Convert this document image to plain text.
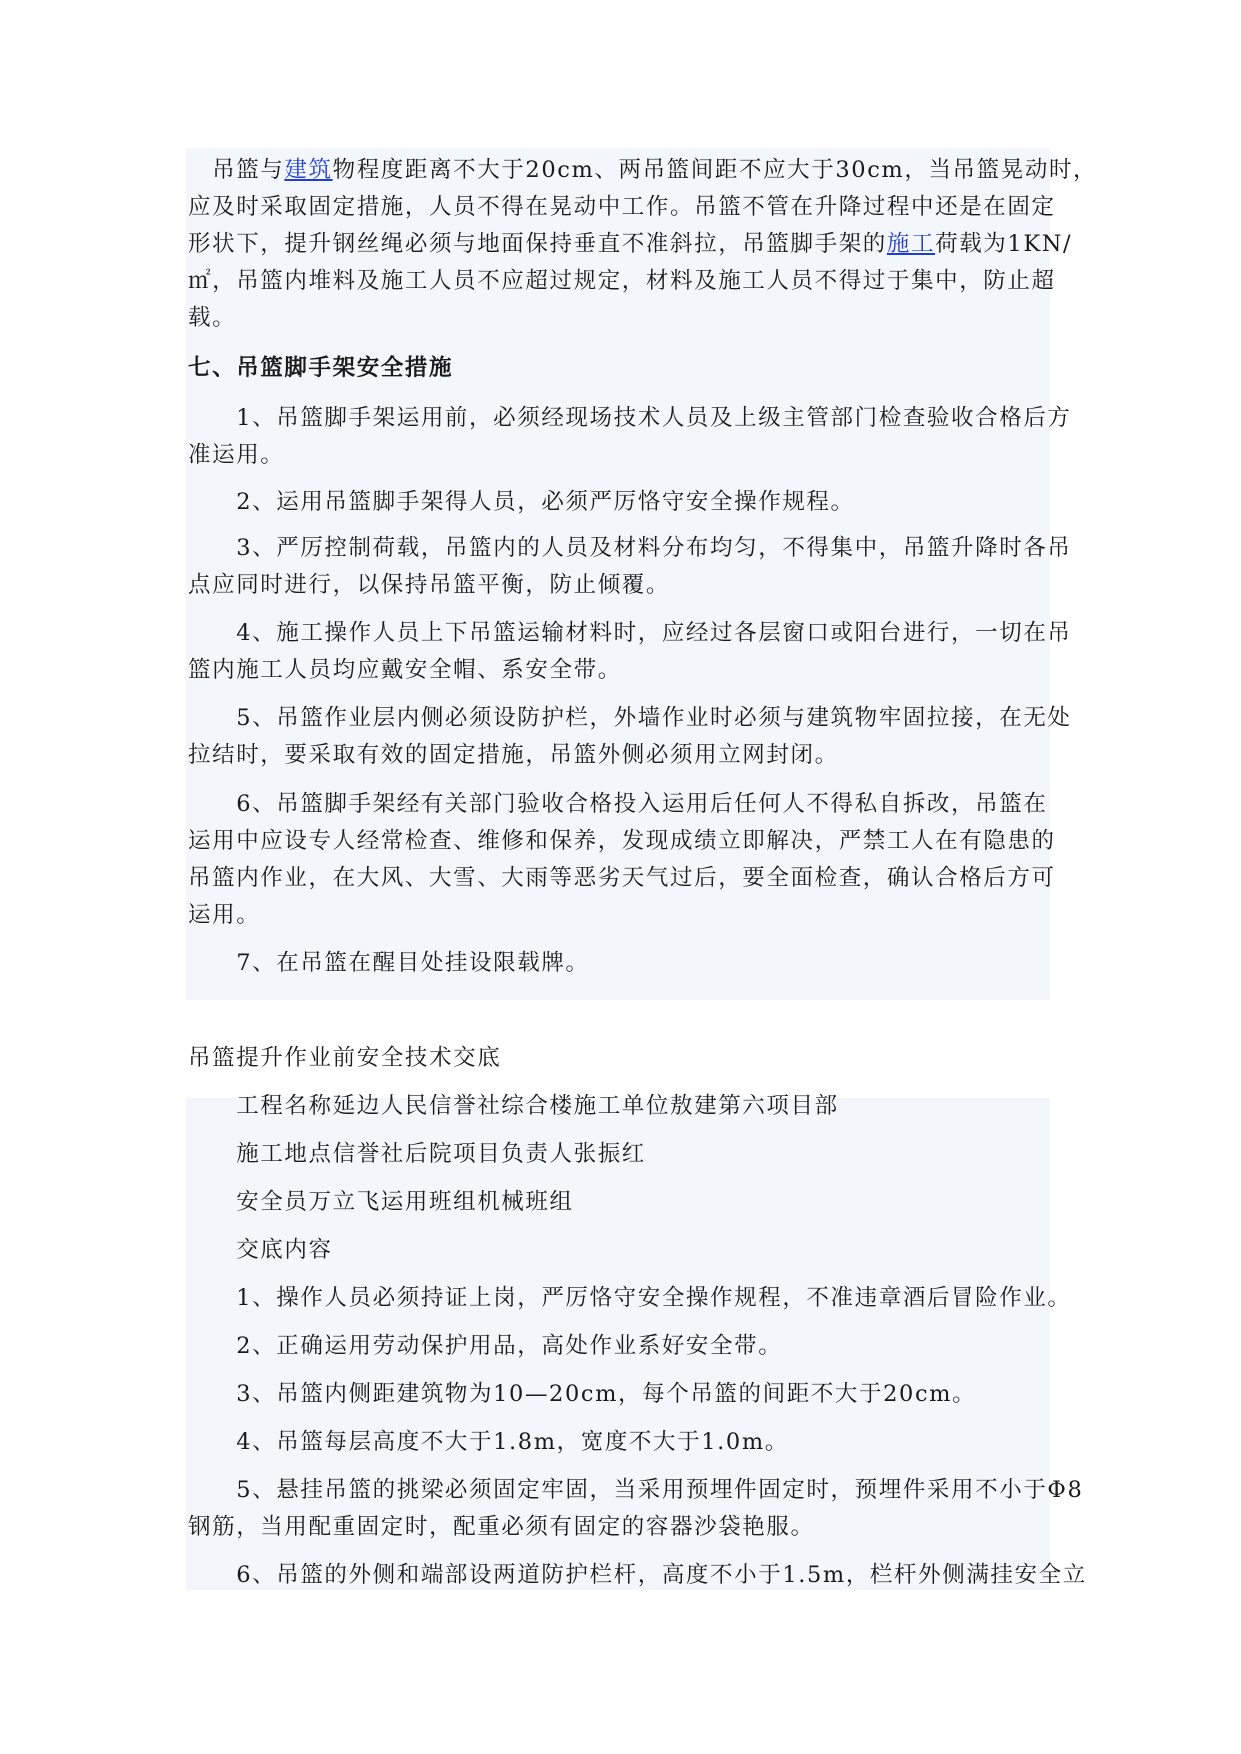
　吊篮与建筑物程度距离不大于20cm、两吊篮间距不应大于30cm，当吊篮晃动时，
应及时采取固定措施，人员不得在晃动中工作。吊篮不管在升降过程中还是在固定
形状下，提升钢丝绳必须与地面保持垂直不准斜拉，吊篮脚手架的施工荷载为1KN/
㎡，吊篮内堆料及施工人员不应超过规定，材料及施工人员不得过于集中，防止超
载。
七、吊篮脚手架安全措施
　　1、吊篮脚手架运用前，必须经现场技术人员及上级主管部门检查验收合格后方
准运用。
　　2、运用吊篮脚手架得人员，必须严厉恪守安全操作规程。
　　3、严厉控制荷载，吊篮内的人员及材料分布均匀，不得集中，吊篮升降时各吊
点应同时进行，以保持吊篮平衡，防止倾覆。
　　4、施工操作人员上下吊篮运输材料时，应经过各层窗口或阳台进行，一切在吊
篮内施工人员均应戴安全帽、系安全带。
　　5、吊篮作业层内侧必须设防护栏，外墙作业时必须与建筑物牢固拉接，在无处
拉结时，要采取有效的固定措施，吊篮外侧必须用立网封闭。
　　6、吊篮脚手架经有关部门验收合格投入运用后任何人不得私自拆改，吊篮在
运用中应设专人经常检查、维修和保养，发现成绩立即解决，严禁工人在有隐患的
吊篮内作业，在大风、大雪、大雨等恶劣天气过后，要全面检查，确认合格后方可
运用。
　　7、在吊篮在醒目处挂设限载牌。
吊篮提升作业前安全技术交底
　　工程名称延边人民信誉社综合楼施工单位敖建第六项目部
　　施工地点信誉社后院项目负责人张振红
　　安全员万立飞运用班组机械班组
　　交底内容
　　1、操作人员必须持证上岗，严厉恪守安全操作规程，不准违章酒后冒险作业。
　　2、正确运用劳动保护用品，高处作业系好安全带。
　　3、吊篮内侧距建筑物为10—20cm，每个吊篮的间距不大于20cm。
　　4、吊篮每层高度不大于1.8m，宽度不大于1.0m。
　　5、悬挂吊篮的挑梁必须固定牢固，当采用预埋件固定时，预埋件采用不小于Φ8
钢筋，当用配重固定时，配重必须有固定的容器沙袋艳服。
　　6、吊篮的外侧和端部设两道防护栏杆，高度不小于1.5m，栏杆外侧满挂安全立
